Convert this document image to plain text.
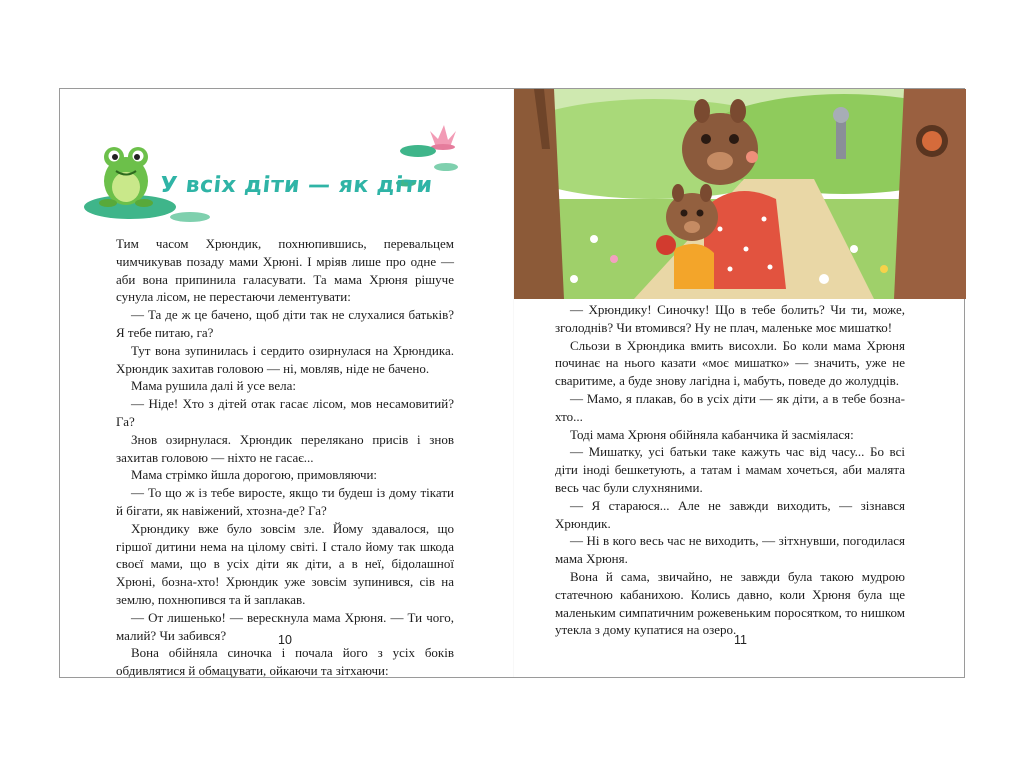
У всіх діти — як діти

Тим часом Хрюндик, похнюпившись, перевальцем чимчикував позаду мами Хрюні. І мріяв лише про одне — аби вона припинила галасувати. Та мама Хрюня рішуче сунула лісом, не перестаючи лементувати:

— Та де ж це бачено, щоб діти так не слухалися батьків? Я тебе питаю, га?

Тут вона зупинилась і сердито озирнулася на Хрюндика. Хрюндик захитав головою — ні, мовляв, ніде не бачено.

Мама рушила далі й усе вела:

— Ніде! Хто з дітей отак гасає лісом, мов несамовитий? Га?

Знов озирнулася. Хрюндик перелякано присів і знов захитав головою — ніхто не гасає...

Мама стрімко йшла дорогою, примовляючи:

— То що ж із тебе виросте, якщо ти будеш із дому тікати й бігати, як навіжений, хтозна-де? Га?

Хрюндику вже було зовсім зле. Йому здавалося, що гіршої дитини нема на цілому світі. І стало йому так шкода своєї мами, що в усіх діти як діти, а в неї, бідолашної Хрюні, бозна-хто! Хрюндик уже зовсім зупинився, сів на землю, похнюпився та й заплакав.

— От лишенько! — верескнула мама Хрюня. — Ти чого, малий? Чи забився?

Вона обійняла синочка і почала його з усіх боків обдивлятися й обмацувати, ойкаючи та зітхаючи:

10

— Хрюндику! Синочку! Що в тебе болить? Чи ти, може, зголоднів? Чи втомився? Ну не плач, маленьке моє мишатко!

Сльози в Хрюндика вмить висохли. Бо коли мама Хрюня починає на нього казати «моє мишатко» — значить, уже не сваритиме, а буде знову лагідна і, мабуть, поведе до жолудців.

— Мамо, я плакав, бо в усіх діти — як діти, а в тебе бозна-хто...

Тоді мама Хрюня обійняла кабанчика й засміялася:

— Мишатку, усі батьки таке кажуть час від часу... Бо всі діти іноді бешкетують, а татам і мамам хочеться, аби малята весь час були слухняними.

— Я стараюся... Але не завжди виходить, — зізнався Хрюндик.

— Ні в кого весь час не виходить, — зітхнувши, погодилася мама Хрюня.

Вона й сама, звичайно, не завжди була такою мудрою статечною кабанихою. Колись давно, коли Хрюня була ще маленьким симпатичним рожевеньким поросятком, то нишком утекла з дому купатися на озеро.

11
